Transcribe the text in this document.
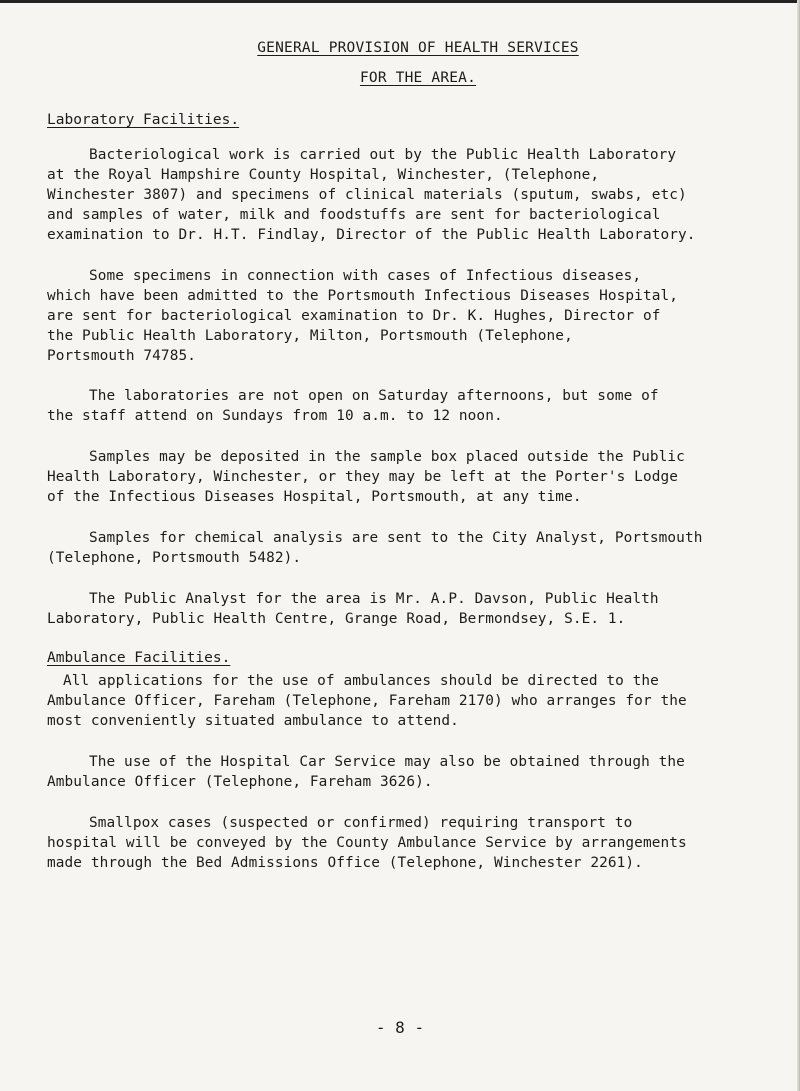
GENERAL PROVISION OF HEALTH SERVICES
FOR THE AREA.
Laboratory Facilities.

Bacteriological work is carried out by the Public Health Laboratory
at the Royal Hampshire County Hospital, Winchester, (Telephone,
Winchester 3807) and specimens of clinical materials (sputum, swabs, etc)
and samples of water, milk and foodstuffs are sent for bacteriological
examination to Dr. H.T. Findlay, Director of the Public Health Laboratory.

Some specimens in connection with cases of Infectious diseases,
which have been admitted to the Portsmouth Infectious Diseases Hospital,
are sent for bacteriological examination to Dr. K. Hughes, Director of
the Public Health Laboratory, Milton, Portsmouth (Telephone,
Portsmouth 74785.

The laboratories are not open on Saturday afternoons, but some of
the staff attend on Sundays from 10 a.m. to 12 noon.

Samples may be deposited in the sample box placed outside the Public
Health Laboratory, Winchester, or they may be left at the Porter's Lodge
of the Infectious Diseases Hospital, Portsmouth, at any time.

Samples for chemical analysis are sent to the City Analyst, Portsmouth
(Telephone, Portsmouth 5482).

The Public Analyst for the area is Mr. A.P. Davson, Public Health
Laboratory, Public Health Centre, Grange Road, Bermondsey, S.E. 1.

Ambulance Facilities.

All applications for the use of ambulances should be directed to the
Ambulance Officer, Fareham (Telephone, Fareham 2170) who arranges for the
most conveniently situated ambulance to attend.

The use of the Hospital Car Service may also be obtained through the
Ambulance Officer (Telephone, Fareham 3626).

Smallpox cases (suspected or confirmed) requiring transport to
hospital will be conveyed by the County Ambulance Service by arrangements
made through the Bed Admissions Office (Telephone, Winchester 2261).

- 8 -
